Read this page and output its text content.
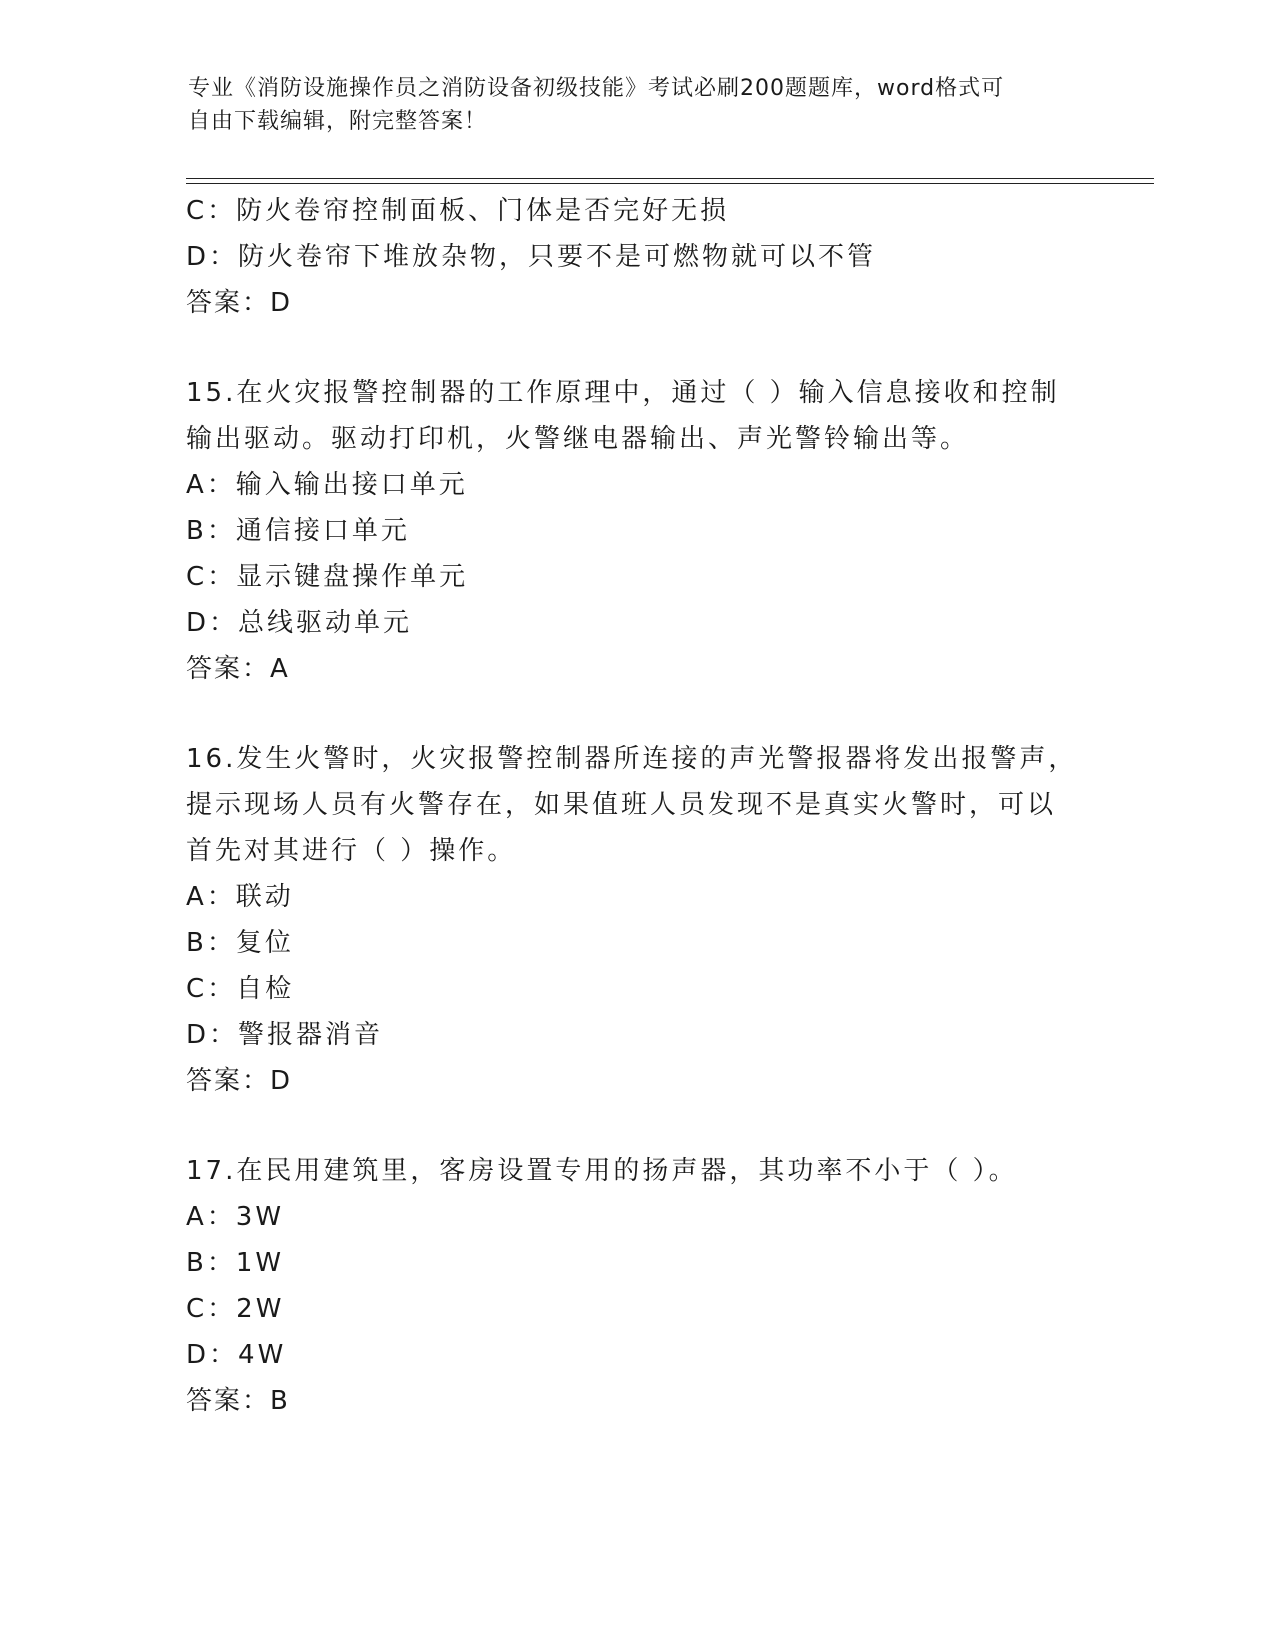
专业《消防设施操作员之消防设备初级技能》考试必刷200题题库，word格式可
自由下载编辑，附完整答案！
C：防火卷帘控制面板、门体是否完好无损
D：防火卷帘下堆放杂物，只要不是可燃物就可以不管
答案：D
15.在火灾报警控制器的工作原理中，通过（ ）输入信息接收和控制
输出驱动。驱动打印机，火警继电器输出、声光警铃输出等。
A：输入输出接口单元
B：通信接口单元
C：显示键盘操作单元
D：总线驱动单元
答案：A
16.发生火警时，火灾报警控制器所连接的声光警报器将发出报警声，
提示现场人员有火警存在，如果值班人员发现不是真实火警时，可以
首先对其进行（ ）操作。
A：联动
B：复位
C：自检
D：警报器消音
答案：D
17.在民用建筑里，客房设置专用的扬声器，其功率不小于（ ）。
A：3W
B：1W
C：2W
D：4W
答案：B
